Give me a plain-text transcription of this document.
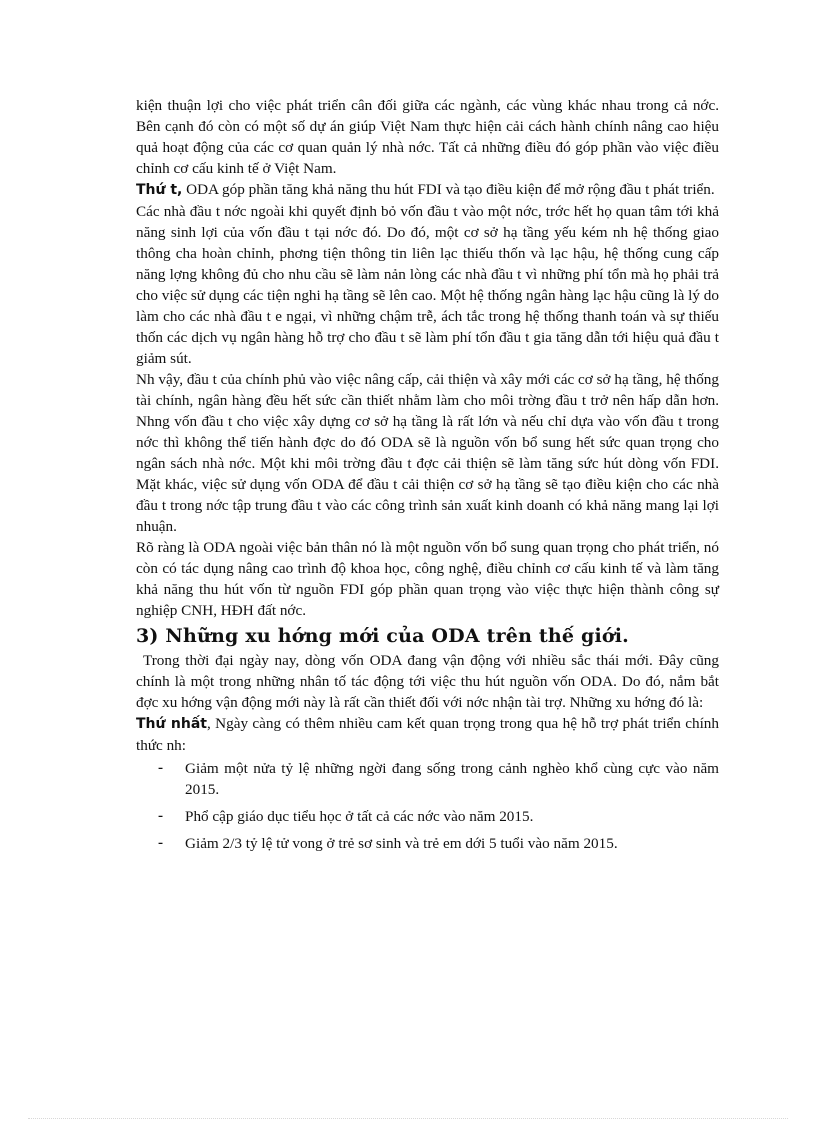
kiện thuận lợi cho việc phát triển cân đối giữa các ngành, các vùng khác nhau trong cả nớc. Bên cạnh đó còn có một số dự án giúp Việt Nam thực hiện cải cách hành chính nâng cao hiệu quả hoạt động của các cơ quan quản lý nhà nớc. Tất cả những điều đó góp phần vào việc điều chỉnh cơ cấu kinh tế ở Việt Nam.

Thứ t, ODA góp phần tăng khả năng thu hút FDI và tạo điều kiện để mở rộng đầu t phát triển.

Các nhà đầu t nớc ngoài khi quyết định bỏ vốn đầu t vào một nớc, trớc hết họ quan tâm tới khả năng sinh lợi của vốn đầu t tại nớc đó. Do đó, một cơ sở hạ tầng yếu kém nh hệ thống giao thông cha hoàn chỉnh, phơng tiện thông tin liên lạc thiếu thốn và lạc hậu, hệ thống cung cấp năng lợng không đủ cho nhu cầu sẽ làm nản lòng các nhà đầu t vì những phí tổn mà họ phải trả cho việc sử dụng các tiện nghi hạ tầng sẽ lên cao. Một hệ thống ngân hàng lạc hậu cũng là lý do làm cho các nhà đầu t e ngại, vì những chậm trễ, ách tắc trong hệ thống thanh toán và sự thiếu thốn các dịch vụ ngân hàng hỗ trợ cho đầu t sẽ làm phí tổn đầu t gia tăng dẫn tới hiệu quả đầu t giảm sút.

Nh vậy, đầu t của chính phủ vào việc nâng cấp, cải thiện và xây mới các cơ sở hạ tầng, hệ thống tài chính, ngân hàng đều hết sức cần thiết nhằm làm cho môi trờng đầu t trở nên hấp dẫn hơn. Nhng vốn đầu t cho việc xây dựng cơ sở hạ tầng là rất lớn và nếu chỉ dựa vào vốn đầu t trong nớc thì không thể tiến hành đợc do đó ODA sẽ là nguồn vốn bổ sung hết sức quan trọng cho ngân sách nhà nớc. Một khi môi trờng đầu t đợc cải thiện sẽ làm tăng sức hút dòng vốn FDI. Mặt khác, việc sử dụng vốn ODA để đầu t cải thiện cơ sở hạ tầng sẽ tạo điều kiện cho các nhà đầu t trong nớc tập trung đầu t vào các công trình sản xuất kinh doanh có khả năng mang lại lợi nhuận.

Rõ ràng là ODA ngoài việc bản thân nó là một nguồn vốn bổ sung quan trọng cho phát triển, nó còn có tác dụng nâng cao trình độ khoa học, công nghệ, điều chỉnh cơ cấu kinh tế và làm tăng khả năng thu hút vốn từ nguồn FDI góp phần quan trọng vào việc thực hiện thành công sự nghiệp CNH, HĐH đất nớc.

3) Những xu hớng mới của ODA trên thế giới.

Trong thời đại ngày nay, dòng vốn ODA đang vận động với nhiều sắc thái mới. Đây cũng chính là một trong những nhân tố tác động tới việc thu hút nguồn vốn ODA. Do đó, nắm bắt đợc xu hớng vận động mới này là rất cần thiết đối với nớc nhận tài trợ. Những xu hớng đó là:

Thứ nhất, Ngày càng có thêm nhiều cam kết quan trọng trong qua hệ hỗ trợ phát triển chính thức nh:

- Giảm một nửa tỷ lệ những ngời đang sống trong cảnh nghèo khổ cùng cực vào năm 2015.
- Phổ cập giáo dục tiểu học ở tất cả các nớc vào năm 2015.
- Giảm 2/3 tỷ lệ tử vong ở trẻ sơ sinh và trẻ em dới 5 tuổi vào năm 2015.
